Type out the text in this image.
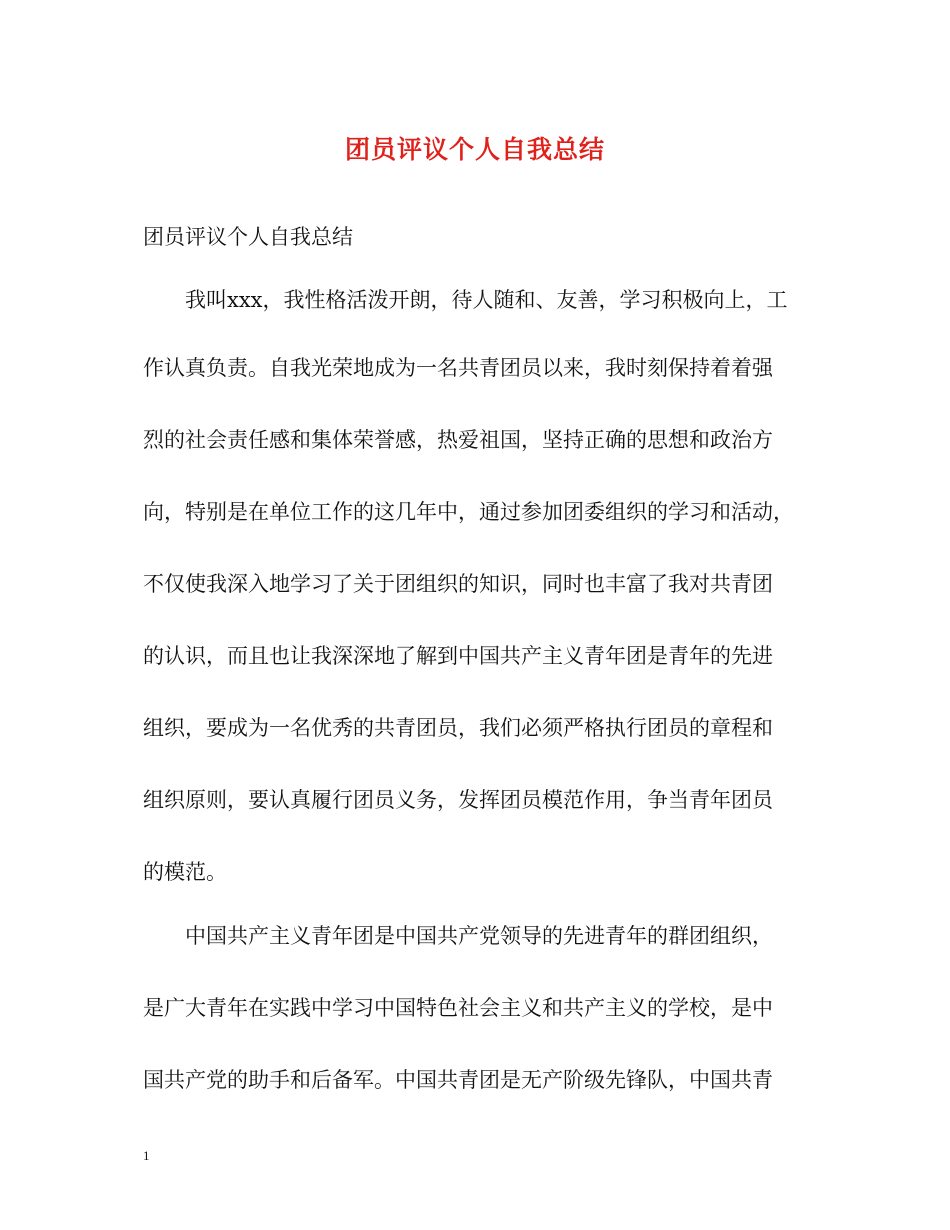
团员评议个人自我总结
团员评议个人自我总结
我叫xxx，我性格活泼开朗，待人随和、友善，学习积极向上，工
作认真负责。自我光荣地成为一名共青团员以来，我时刻保持着着强
烈的社会责任感和集体荣誉感，热爱祖国，坚持正确的思想和政治方
向，特别是在单位工作的这几年中，通过参加团委组织的学习和活动，
不仅使我深入地学习了关于团组织的知识，同时也丰富了我对共青团
的认识，而且也让我深深地了解到中国共产主义青年团是青年的先进
组织，要成为一名优秀的共青团员，我们必须严格执行团员的章程和
组织原则，要认真履行团员义务，发挥团员模范作用，争当青年团员
的模范。
中国共产主义青年团是中国共产党领导的先进青年的群团组织，
是广大青年在实践中学习中国特色社会主义和共产主义的学校，是中
国共产党的助手和后备军。中国共青团是无产阶级先锋队，中国共青
1
